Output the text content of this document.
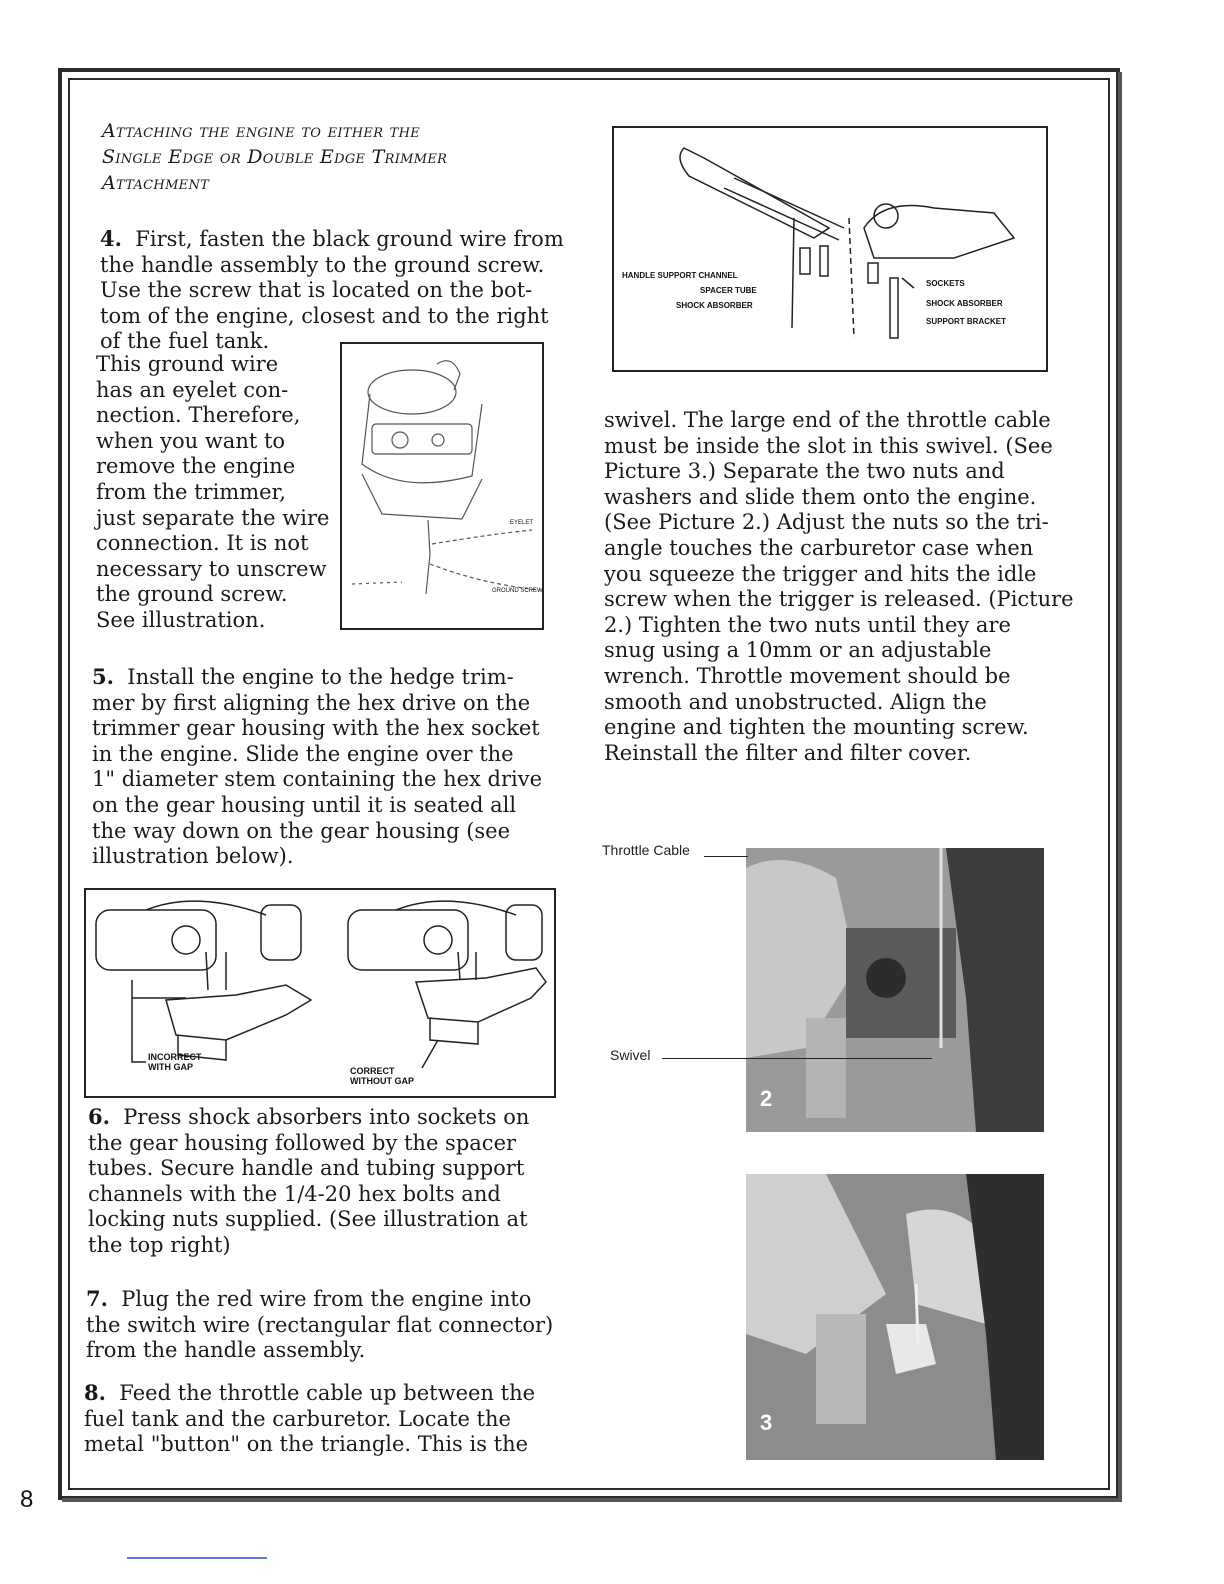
Attaching the engine to either the
Single Edge or Double Edge Trimmer
Attachment
4. First, fasten the black ground wire from
the handle assembly to the ground screw.
Use the screw that is located on the bot-
tom of the engine, closest and to the right
of the fuel tank.
This ground wire
has an eyelet con-
nection. Therefore,
when you want to
remove the engine
from the trimmer,
just separate the wire
connection. It is not
necessary to unscrew
the ground screw.
See illustration.
EYELET
GROUND SCREW
5. Install the engine to the hedge trim-
mer by first aligning the hex drive on the
trimmer gear housing with the hex socket
in the engine. Slide the engine over the
1" diameter stem containing the hex drive
on the gear housing until it is seated all
the way down on the gear housing (see
illustration below).
INCORRECT
WITH GAP	CORRECT
WITHOUT GAP
6. Press shock absorbers into sockets on
the gear housing followed by the spacer
tubes. Secure handle and tubing support
channels with the 1/4-20 hex bolts and
locking nuts supplied. (See illustration at
the top right)
7. Plug the red wire from the engine into
the switch wire (rectangular flat connector)
from the handle assembly.
8. Feed the throttle cable up between the
fuel tank and the carburetor. Locate the
metal "button" on the triangle. This is the
HANDLE SUPPORT CHANNEL
SPACER TUBE
SHOCK ABSORBER
SOCKETS
SHOCK ABSORBER
SUPPORT BRACKET
swivel. The large end of the throttle cable
must be inside the slot in this swivel. (See
Picture 3.) Separate the two nuts and
washers and slide them onto the engine.
(See Picture 2.) Adjust the nuts so the tri-
angle touches the carburetor case when
you squeeze the trigger and hits the idle
screw when the trigger is released. (Picture
2.) Tighten the two nuts until they are
snug using a 10mm or an adjustable
wrench. Throttle movement should be
smooth and unobstructed. Align the
engine and tighten the mounting screw.
Reinstall the filter and filter cover.
2
Throttle Cable
Swivel
3
8
